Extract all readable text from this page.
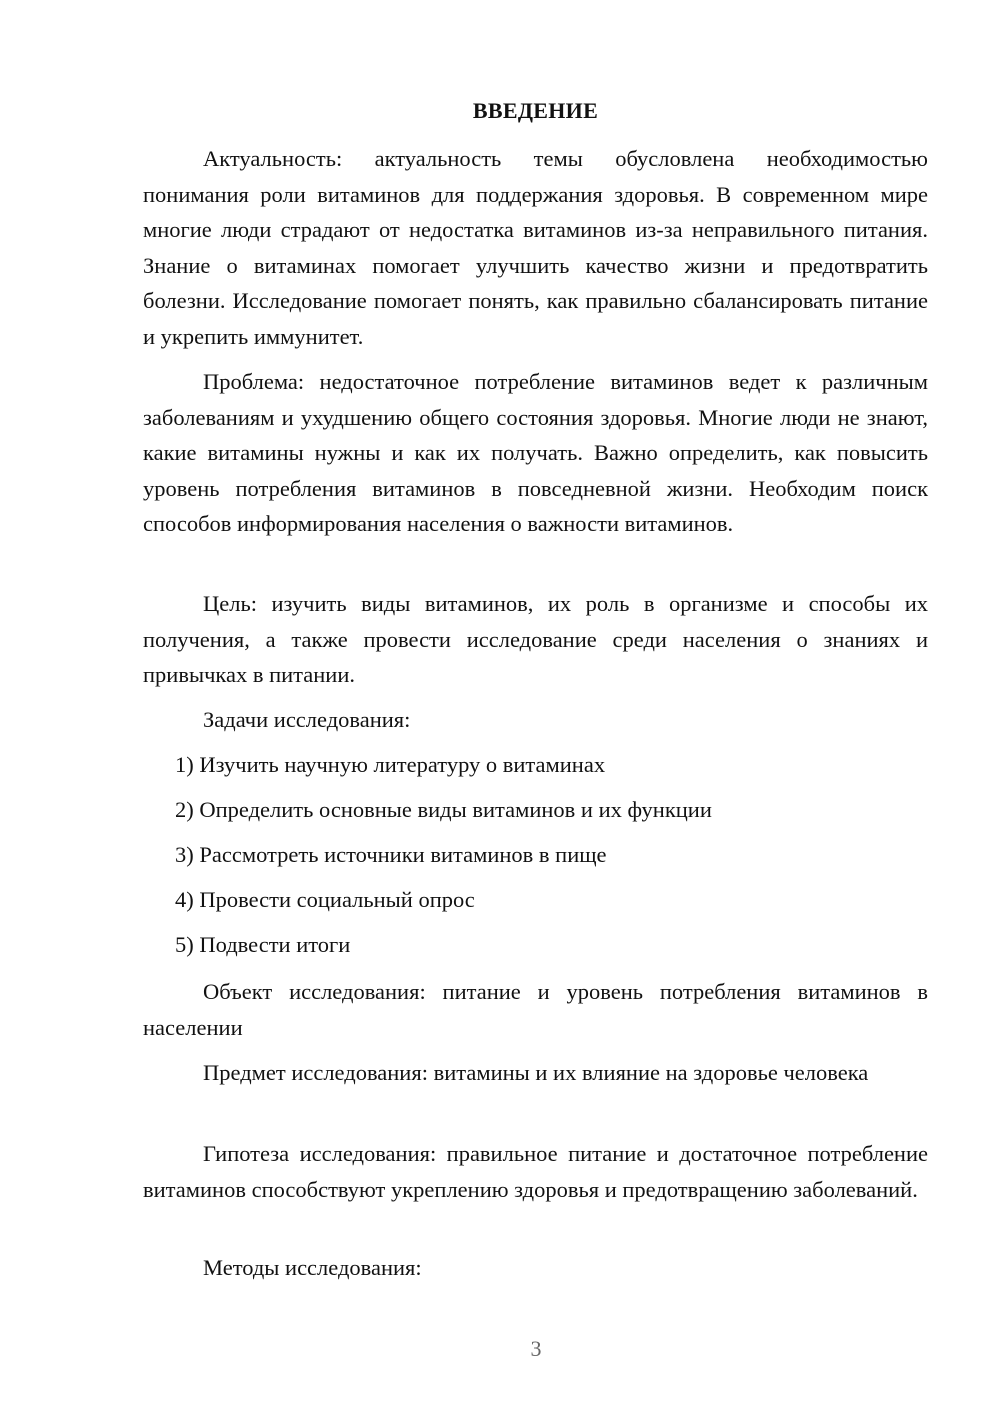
ВВЕДЕНИЕ

Актуальность: актуальность темы обусловлена необходимостью понимания роли витаминов для поддержания здоровья. В современном мире многие люди страдают от недостатка витаминов из-за неправильного питания. Знание о витаминах помогает улучшить качество жизни и предотвратить болезни. Исследование помогает понять, как правильно сбалансировать питание и укрепить иммунитет.

Проблема: недостаточное потребление витаминов ведет к различным заболеваниям и ухудшению общего состояния здоровья. Многие люди не знают, какие витамины нужны и как их получать. Важно определить, как повысить уровень потребления витаминов в повседневной жизни. Необходим поиск способов информирования населения о важности витаминов.

Цель: изучить виды витаминов, их роль в организме и способы их получения, а также провести исследование среди населения о знаниях и привычках в питании.

Задачи исследования:
1) Изучить научную литературу о витаминах
2) Определить основные виды витаминов и их функции
3) Рассмотреть источники витаминов в пище
4) Провести социальный опрос
5) Подвести итоги

Объект исследования: питание и уровень потребления витаминов в населении

Предмет исследования: витамины и их влияние на здоровье человека

Гипотеза исследования: правильное питание и достаточное потребление витаминов способствуют укреплению здоровья и предотвращению заболеваний.

Методы исследования:
3
